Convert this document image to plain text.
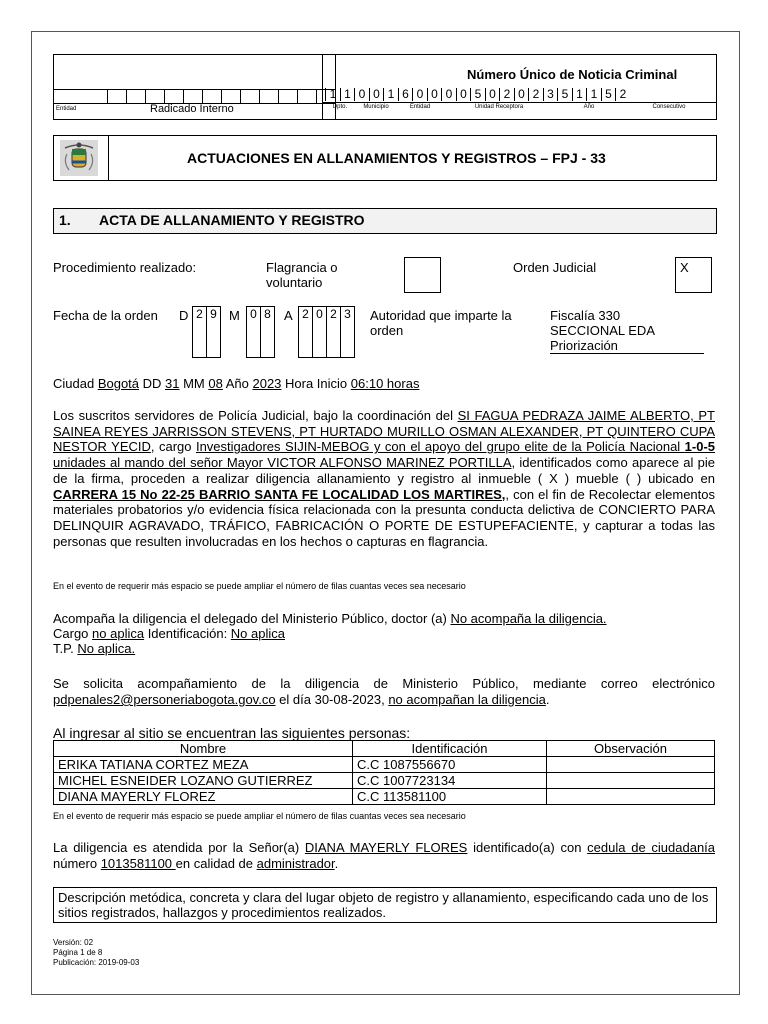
Entidad	Radicado Interno
Número Único de Noticia Criminal
1 1 0 0 1 6 0 0 0 0 5 0 2 0 2 3 5 1 1 5 2
Dpto.	Municipio	Entidad	Unidad Receptora	Año	Consecutivo
ACTUACIONES EN ALLANAMIENTOS Y REGISTROS – FPJ - 33
1. ACTA DE ALLANAMIENTO Y REGISTRO
Procedimiento realizado:	Flagrancia o voluntario
Orden Judicial	X
Fecha de la orden D 2 9 M 0 8	A 2 0 2 3	Autoridad que imparte la orden
Fiscalía 330
SECCIONAL EDA
Priorización
Ciudad Bogotá DD 31 MM 08 Año 2023 Hora Inicio 06:10 horas
Los suscritos servidores de Policía Judicial, bajo la coordinación del SI FAGUA PEDRAZA JAIME ALBERTO, PT SAINEA REYES JARRISSON STEVENS, PT HURTADO MURILLO OSMAN ALEXANDER, PT QUINTERO CUPA NESTOR YECID, cargo Investigadores SIJIN-MEBOG y con el apoyo del grupo elite de la Policía Nacional 1-0-5 unidades al mando del señor Mayor VICTOR ALFONSO MARINEZ PORTILLA, identificados como aparece al pie de la firma, proceden a realizar diligencia allanamiento y registro al inmueble ( X ) mueble ( ) ubicado en CARRERA 15 No 22-25 BARRIO SANTA FE LOCALIDAD LOS MARTIRES,, con el fin de Recolectar elementos materiales probatorios y/o evidencia física relacionada con la presunta conducta delictiva de CONCIERTO PARA DELINQUIR AGRAVADO, TRÁFICO, FABRICACIÓN O PORTE DE ESTUPEFACIENTE, y capturar a todas las personas que resulten involucradas en los hechos o capturas en flagrancia.
En el evento de requerir más espacio se puede ampliar el número de filas cuantas veces sea necesario
Acompaña la diligencia el delegado del Ministerio Público, doctor (a) No acompaña la diligencia.
Cargo no aplica Identificación: No aplica
T.P. No aplica.
Se solicita acompañamiento de la diligencia de Ministerio Público, mediante correo electrónico pdpenales2@personeriabogota.gov.co el día 30-08-2023, no acompañan la diligencia.
Al ingresar al sitio se encuentran las siguientes personas:
Nombre	Identificación	Observación
ERIKA TATIANA CORTEZ MEZA	C.C 1087556670	
MICHEL ESNEIDER LOZANO GUTIERREZ	C.C 1007723134	
DIANA MAYERLY FLOREZ	C.C 113581100	
En el evento de requerir más espacio se puede ampliar el número de filas cuantas veces sea necesario
La diligencia es atendida por la Señor(a) DIANA MAYERLY FLORES identificado(a) con cedula de ciudadanía número 1013581100 en calidad de administrador.
Descripción metódica, concreta y clara del lugar objeto de registro y allanamiento, especificando cada uno de los sitios registrados, hallazgos y procedimientos realizados.
Versión: 02
Página 1 de 8
Publicación: 2019-09-03
